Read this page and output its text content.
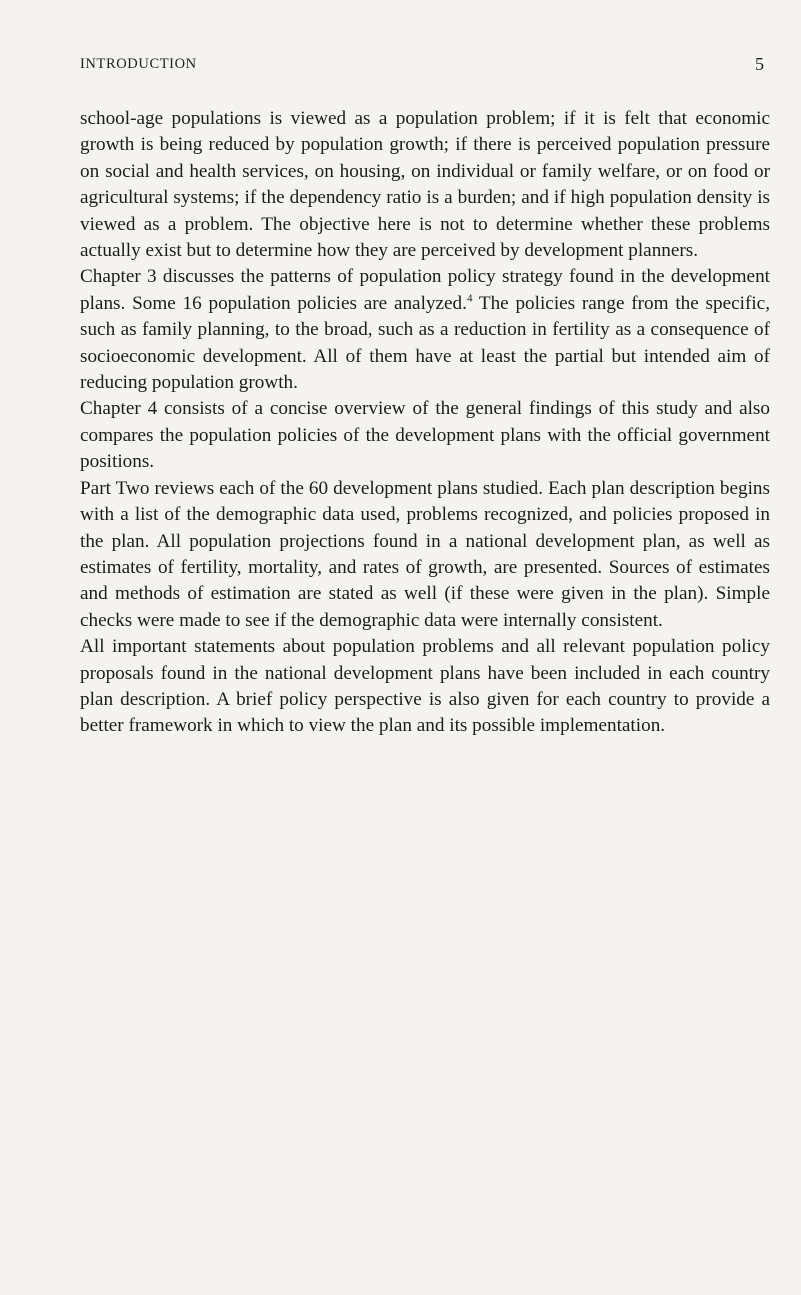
INTRODUCTION	5

school-age populations is viewed as a population problem; if it is felt that economic growth is being reduced by population growth; if there is perceived population pressure on social and health services, on housing, on individual or family welfare, or on food or agricultural systems; if the dependency ratio is a burden; and if high population density is viewed as a problem. The objective here is not to determine whether these problems actually exist but to determine how they are perceived by development planners.

Chapter 3 discusses the patterns of population policy strategy found in the development plans. Some 16 population policies are analyzed.$^4$ The policies range from the specific, such as family planning, to the broad, such as a reduction in fertility as a consequence of socioeconomic development. All of them have at least the partial but intended aim of reducing population growth.

Chapter 4 consists of a concise overview of the general findings of this study and also compares the population policies of the development plans with the official government positions.

Part Two reviews each of the 60 development plans studied. Each plan description begins with a list of the demographic data used, problems recognized, and policies proposed in the plan. All population projections found in a national development plan, as well as estimates of fertility, mortality, and rates of growth, are presented. Sources of estimates and methods of estimation are stated as well (if these were given in the plan). Simple checks were made to see if the demographic data were internally consistent.

All important statements about population problems and all relevant population policy proposals found in the national development plans have been included in each country plan description. A brief policy perspective is also given for each country to provide a better framework in which to view the plan and its possible implementation.
